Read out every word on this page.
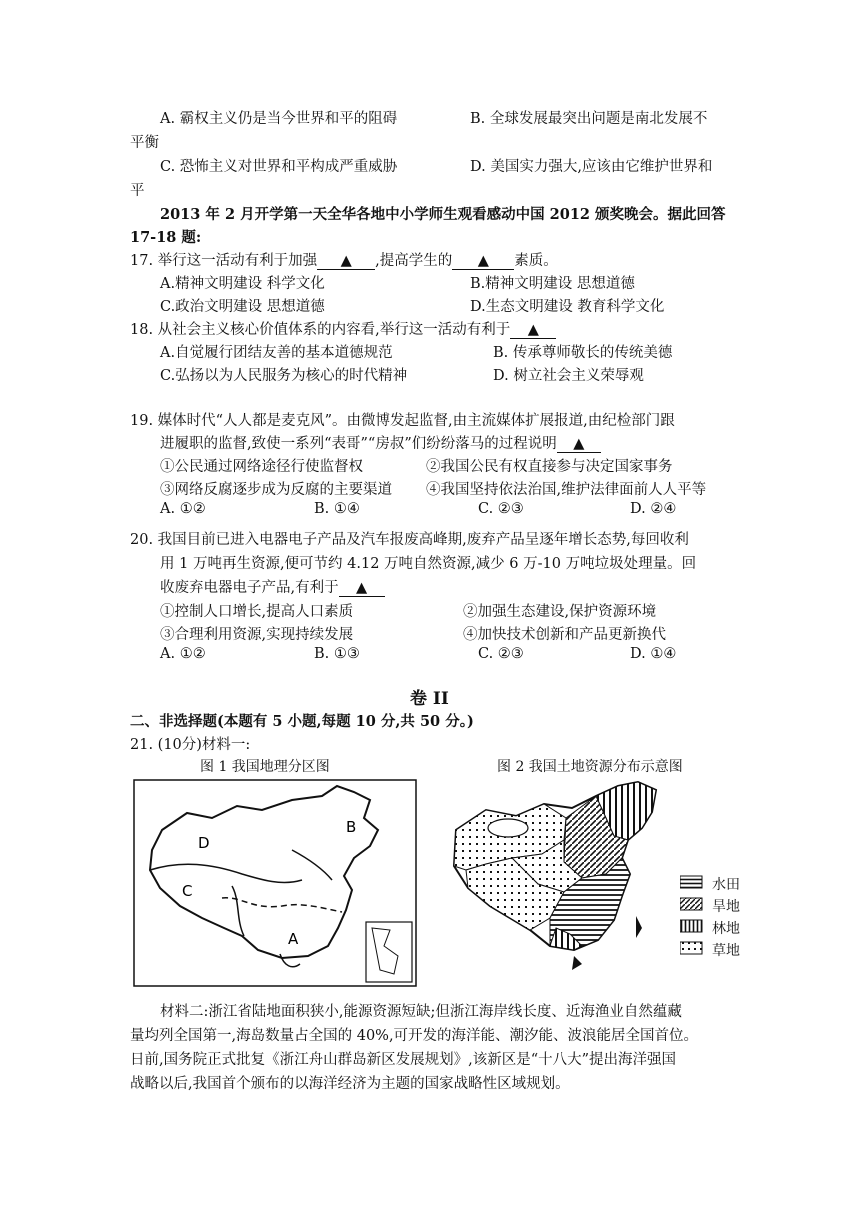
A. 霸权主义仍是当今世界和平的阻碍	B. 全球发展最突出问题是南北发展不
平衡
C. 恐怖主义对世界和平构成严重威胁	D. 美国实力强大,应该由它维护世界和
平
2013 年 2 月开学第一天全华各地中小学师生观看感动中国 2012 颁奖晚会。据此回答
17-18 题:
17. 举行这一活动有利于加强 ▲ ,提高学生的 ▲ 素质。
A.精神文明建设 科学文化	B.精神文明建设 思想道德
C.政治文明建设 思想道德	D.生态文明建设 教育科学文化
18. 从社会主义核心价值体系的内容看,举行这一活动有利于 ▲
A.自觉履行团结友善的基本道德规范	B. 传承尊师敬长的传统美德
C.弘扬以为人民服务为核心的时代精神	D. 树立社会主义荣辱观
19. 媒体时代“人人都是麦克风”。由微博发起监督,由主流媒体扩展报道,由纪检部门跟
进履职的监督,致使一系列“表哥”“房叔”们纷纷落马的过程说明 ▲
①公民通过网络途径行使监督权	②我国公民有权直接参与决定国家事务
③网络反腐逐步成为反腐的主要渠道 ④我国坚持依法治国,维护法律面前人人平等
A. ①②	B. ①④	C. ②③	D. ②④
20. 我国目前已进入电器电子产品及汽车报废高峰期,废弃产品呈逐年增长态势,每回收利
用 1 万吨再生资源,便可节约 4.12 万吨自然资源,减少 6 万-10 万吨垃圾处理量。回
收废弃电器电子产品,有利于 ▲
①控制人口增长,提高人口素质	②加强生态建设,保护资源环境
③合理利用资源,实现持续发展	④加快技术创新和产品更新换代
A. ①②	B. ①③	C. ②③	D. ①④
卷 II
二、非选择题(本题有 5 小题,每题 10 分,共 50 分。)
21. (10分)材料一:
图 1 我国地理分区图	图 2 我国土地资源分布示意图
D
B
C
A
水田
旱地
林地
草地
材料二:浙江省陆地面积狭小,能源资源短缺;但浙江海岸线长度、近海渔业自然蕴藏
量均列全国第一,海岛数量占全国的 40%,可开发的海洋能、潮汐能、波浪能居全国首位。
日前,国务院正式批复《浙江舟山群岛新区发展规划》,该新区是“十八大”提出海洋强国
战略以后,我国首个颁布的以海洋经济为主题的国家战略性区域规划。
